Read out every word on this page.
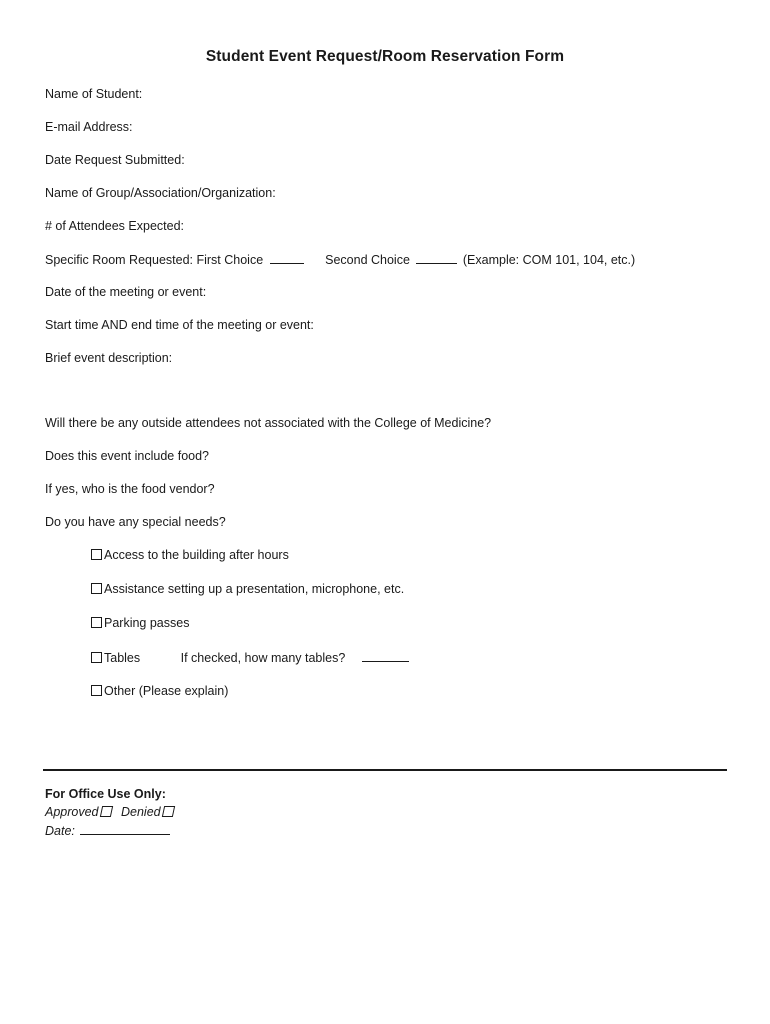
Student Event Request/Room Reservation Form
Name of Student:
E-mail Address:
Date Request Submitted:
Name of Group/Association/Organization:
# of Attendees Expected:
Specific Room Requested: First Choice	Second Choice	(Example: COM 101, 104, etc.)
Date of the meeting or event:
Start time AND end time of the meeting or event:
Brief event description:
Will there be any outside attendees not associated with the College of Medicine?
Does this event include food?
If yes, who is the food vendor?
Do you have any special needs?
Access to the building after hours
Assistance setting up a presentation, microphone, etc.
Parking passes
Tables	If checked, how many tables?
Other (Please explain)
For Office Use Only:
Approved Denied
Date:
